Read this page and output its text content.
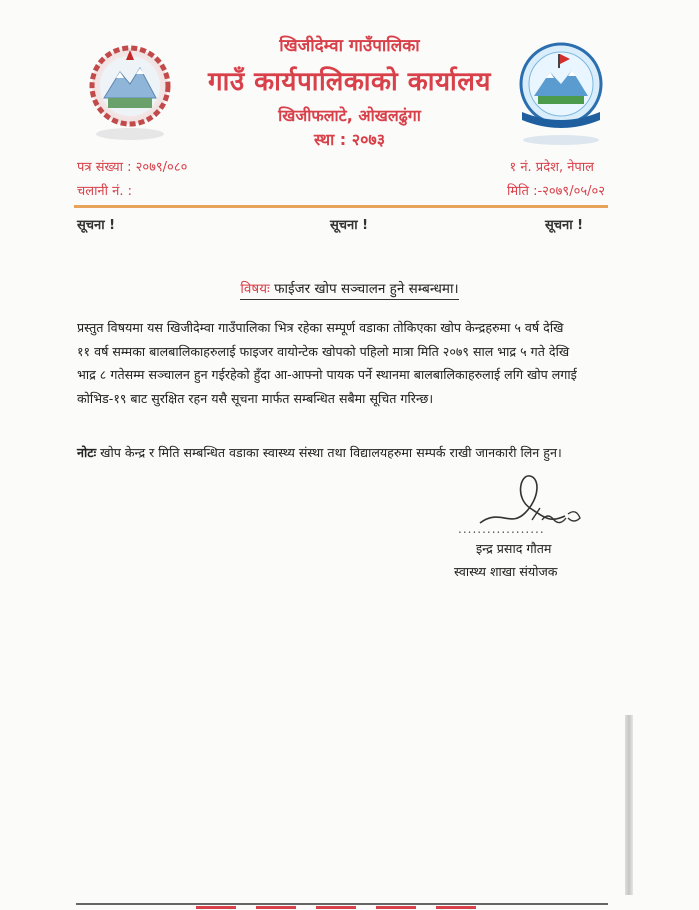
खिजीदेम्वा गाउँपालिका
गाउँ कार्यपालिकाको कार्यालय
खिजीफलाटे, ओखलढुंगा
स्था : २०७३
पत्र संख्या : २०७९/०८०
चलानी नं. :
१ नं. प्रदेश, नेपाल
मिति :-२०७९/०५/०२
सूचना !	सूचना !	सूचना !
विषयः फाईजर खोप सञ्चालन हुने सम्बन्धमा।
प्रस्तुत विषयमा यस खिजीदेम्वा गाउँपालिका भित्र रहेका सम्पूर्ण वडाका तोकिएका खोप केन्द्रहरुमा ५ वर्ष देखि
११ वर्ष सम्मका बालबालिकाहरुलाई फाइजर वायोन्टेक खोपको पहिलो मात्रा मिति २०७९ साल भाद्र ५ गते देखि
भाद्र ८ गतेसम्म सञ्चालन हुन गईरहेको हुँदा आ-आफ्नो पायक पर्ने स्थानमा बालबालिकाहरुलाई लगि खोप लगाई
कोभिड-१९ बाट सुरक्षित रहन यसै सूचना मार्फत सम्बन्धित सबैमा सूचित गरिन्छ।
नोटः खोप केन्द्र र मिति सम्बन्धित वडाका स्वास्थ्य संस्था तथा विद्यालयहरुमा सम्पर्क राखी जानकारी लिन हुन।
..................
इन्द्र प्रसाद गौतम
स्वास्थ्य शाखा संयोजक
